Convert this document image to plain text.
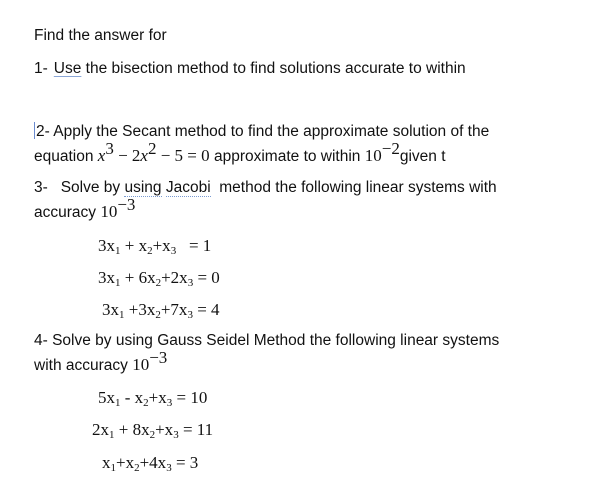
Find the answer for
1- Use the bisection method to find solutions accurate to within
2- Apply the Secant method to find the approximate solution of the
equation $x^3 - 2x^2 - 5 = 0$ approximate to within $10^{-2}given$ t
3-   Solve by using Jacobi  method the following linear systems with
accuracy $10^{-3}$
$3x_1 + x_2+x_3 = 1$
$3x_1 + 6x_2+2x_3 = 0$
$3x_1 +3x_2+7x_3 = 4$
4- Solve by using Gauss Seidel Method the following linear systems
with accuracy $10^{-3}$
$5x_1 - x_2+x_3 = 10$
$2x_1 + 8x_2+x_3 = 11$
$x_1+x_2+4x_3 = 3$
